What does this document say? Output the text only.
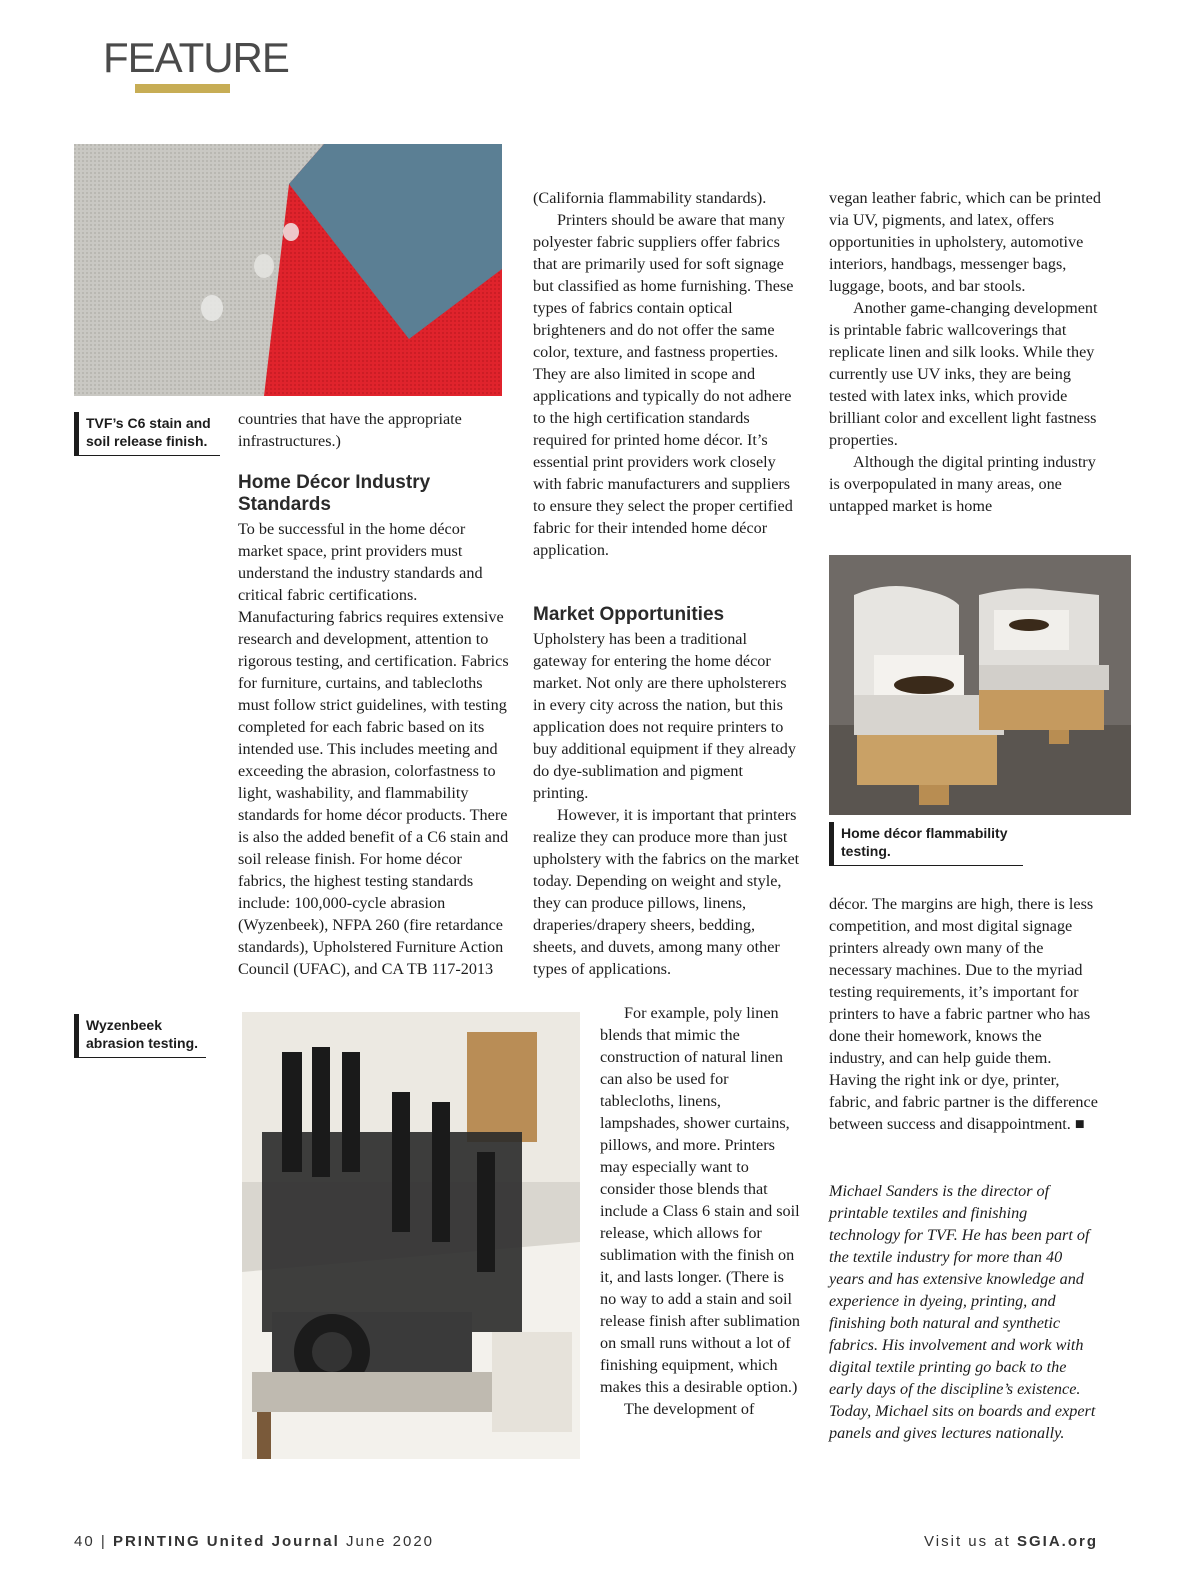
FEATURE
TVF’s C6 stain and soil release finish.
countries that have the appropriate
infrastructures.)
Home Décor Industry Standards
To be successful in the home décor market space, print providers must understand the industry standards and critical fabric certifications. Manufacturing fabrics requires extensive research and development, attention to rigorous testing, and certification. Fabrics for furniture, curtains, and tablecloths must follow strict guidelines, with testing completed for each fabric based on its intended use. This includes meeting and exceeding the abrasion, colorfastness to light, washability, and flammability standards for home décor products. There is also the added benefit of a C6 stain and soil release finish. For home décor fabrics, the highest testing standards include: 100,000-cycle abrasion (Wyzenbeek), NFPA 260 (fire retardance standards), Upholstered Furniture Action Council (UFAC), and CA TB 117-2013
Wyzenbeek abrasion testing.
(California flammability standards).
Printers should be aware that many polyester fabric suppliers offer fabrics that are primarily used for soft signage but classified as home furnishing. These types of fabrics contain optical brighteners and do not offer the same color, texture, and fastness properties. They are also limited in scope and applications and typically do not adhere to the high certification standards required for printed home décor. It’s essential print providers work closely with fabric manufacturers and suppliers to ensure they select the proper certified fabric for their intended home décor application.
Market Opportunities
Upholstery has been a traditional gateway for entering the home décor market. Not only are there upholsterers in every city across the nation, but this application does not require printers to buy additional equipment if they already do dye-sublimation and pigment printing.
However, it is important that printers realize they can produce more than just upholstery with the fabrics on the market today. Depending on weight and style, they can produce pillows, linens, draperies/drapery sheers, bedding, sheets, and duvets, among many other types of applications.
For example, poly linen blends that mimic the construction of natural linen can also be used for tablecloths, linens, lampshades, shower curtains, pillows, and more. Printers may especially want to consider those blends that include a Class 6 stain and soil release, which allows for sublimation with the finish on it, and lasts longer. (There is no way to add a stain and soil release finish after sublimation on small runs without a lot of finishing equipment, which makes this a desirable option.)
The development of
vegan leather fabric, which can be printed via UV, pigments, and latex, offers opportunities in upholstery, automotive interiors, handbags, messenger bags, luggage, boots, and bar stools.
Another game-changing development is printable fabric wallcoverings that replicate linen and silk looks. While they currently use UV inks, they are being tested with latex inks, which provide brilliant color and excellent light fastness properties.
Although the digital printing industry is overpopulated in many areas, one untapped market is home
Home décor flammability testing.
décor. The margins are high, there is less competition, and most digital signage printers already own many of the necessary machines. Due to the myriad testing requirements, it’s important for printers to have a fabric partner who has done their homework, knows the industry, and can help guide them. Having the right ink or dye, printer, fabric, and fabric partner is the difference between success and disappointment. ■
Michael Sanders is the director of printable textiles and finishing technology for TVF. He has been part of the textile industry for more than 40 years and has extensive knowledge and experience in dyeing, printing, and finishing both natural and synthetic fabrics. His involvement and work with digital textile printing go back to the early days of the discipline’s existence. Today, Michael sits on boards and expert panels and gives lectures nationally.
40 | PRINTING United Journal June 2020	Visit us at SGIA.org
